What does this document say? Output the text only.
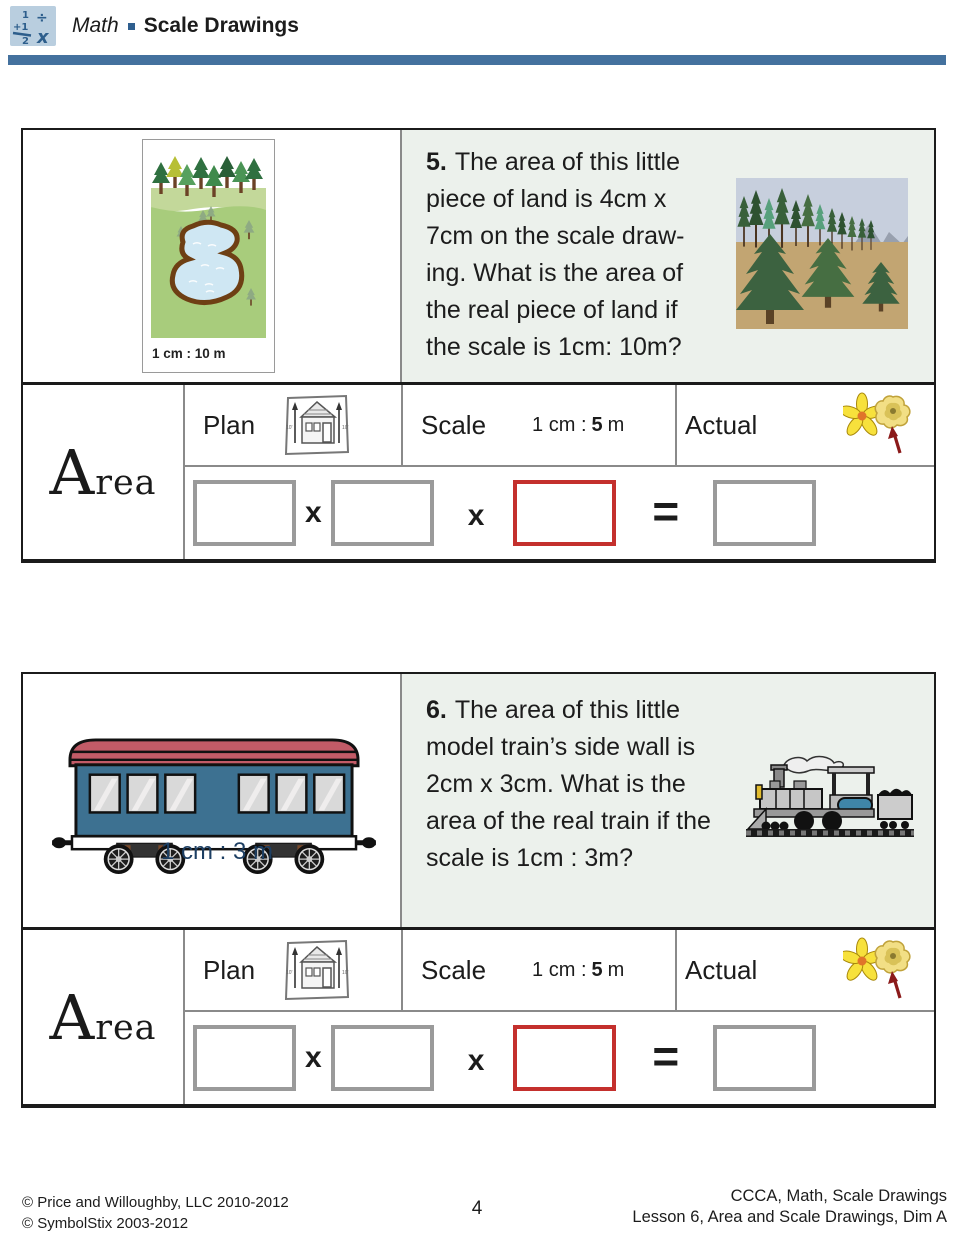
1
+1
2
÷
x
Math Scale Drawings
1 cm : 10 m
5. The area of this little
piece of land is 4cm x
7cm on the scale draw-
ing. What is the area of
the real piece of land if
the scale is 1cm: 10m?
Area
Plan	10'	10'	Scale 1 cm : 5 m Actual
x	x	=
1 cm : 3 m
6. The area of this little
model train’s side wall is
2cm x 3cm. What is the
area of the real train if the
scale is 1cm : 3m?
Area
Plan	10'	10'	Scale 1 cm : 5 m Actual
x	x	=
© Price and Willoughby, LLC 2010-2012
© SymbolStix 2003-2012
4
CCCA, Math, Scale Drawings
Lesson 6, Area and Scale Drawings, Dim A
